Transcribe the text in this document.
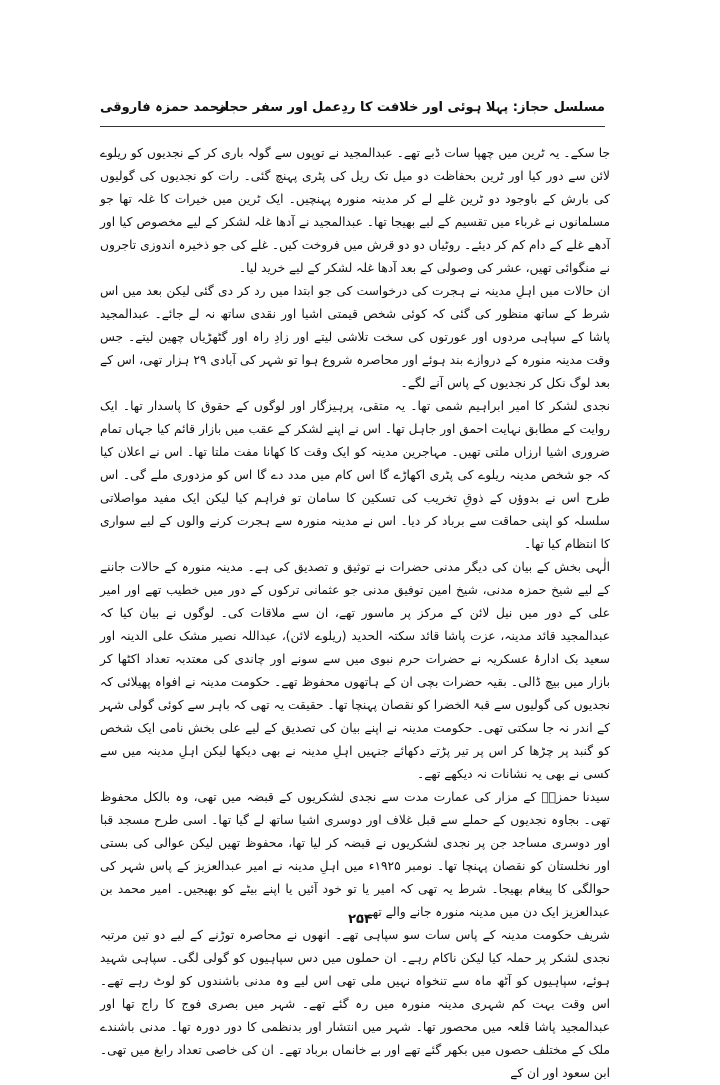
محمد حمزہ فاروقی
مسلسل حجاز: پہلا ہوئی اور خلافت کا ردِعمل اور سفر حجاز

جا سکے۔ یہ ٹرین میں چھپا سات ڈبے تھے۔ عبدالمجید نے توپوں سے گولہ باری کر کے نجدیوں کو ریلوے لائن سے دور کیا اور ٹرین بحفاظت دو میل تک ریل کی پٹری پہنچ گئی۔ رات کو نجدیوں کی گولیوں کی بارش کے باوجود دو ٹرین غلے لے کر مدینہ منورہ پہنچیں۔ ایک ٹرین میں خیرات کا غلہ تھا جو مسلمانوں نے غرباء میں تقسیم کے لیے بھیجا تھا۔ عبدالمجید نے آدھا غلہ لشکر کے لیے مخصوص کیا اور آدھے غلے کے دام کم کر دیئے۔ روٹیاں دو دو قرش میں فروخت کیں۔ غلے کی جو ذخیرہ اندوزی تاجروں نے منگوائی تھیں، عشر کی وصولی کے بعد آدھا غلہ لشکر کے لیے خرید لیا۔

ان حالات میں اہلِ مدینہ نے ہجرت کی درخواست کی جو ابتدا میں رد کر دی گئی لیکن بعد میں اس شرط کے ساتھ منظور کی گئی کہ کوئی شخص قیمتی اشیا اور نقدی ساتھ نہ لے جائے۔ عبدالمجید پاشا کے سپاہی مردوں اور عورتوں کی سخت تلاشی لیتے اور زادِ راہ اور گٹھڑیاں چھین لیتے۔ جس وقت مدینہ منورہ کے دروازے بند ہوئے اور محاصرہ شروع ہوا تو شہر کی آبادی ۲۹ ہزار تھی، اس کے بعد لوگ نکل کر نجدیوں کے پاس آنے لگے۔

نجدی لشکر کا امیر ابراہیم شمی تھا۔ یہ متقی، پرہیزگار اور لوگوں کے حقوق کا پاسدار تھا۔ ایک روایت کے مطابق نہایت احمق اور جاہل تھا۔ اس نے اپنے لشکر کے عقب میں بازار قائم کیا جہاں تمام ضروری اشیا ارزاں ملتی تھیں۔ مہاجرین مدینہ کو ایک وقت کا کھانا مفت ملتا تھا۔ اس نے اعلان کیا کہ جو شخص مدینہ ریلوے کی پٹری اکھاڑے گا اس کام میں مدد دے گا اس کو مزدوری ملے گی۔ اس طرح اس نے بدوؤں کے ذوقِ تخریب کی تسکین کا سامان تو فراہم کیا لیکن ایک مفید مواصلاتی سلسلہ کو اپنی حماقت سے برباد کر دیا۔ اس نے مدینہ منورہ سے ہجرت کرنے والوں کے لیے سواری کا انتظام کیا تھا۔

الٰہی بخش کے بیان کی دیگر مدنی حضرات نے توثیق و تصدیق کی ہے۔ مدینہ منورہ کے حالات جاننے کے لیے شیخ حمزہ مدنی، شیخ امین توفیق مدنی جو عثمانی ترکوں کے دور میں خطیب تھے اور امیر علی کے دور میں نیل لائن کے مرکز پر ماسور تھے، ان سے ملاقات کی۔ لوگوں نے بیان کیا کہ عبدالمجید قائد مدینہ، عزت پاشا قائد سکتہ الحدید (ریلوے لائن)، عبداللہ نصیر مشک علی الدینہ اور سعید بک ادارۂ عسکریہ نے حضرات حرم نبوی میں سے سونے اور چاندی کی معتدبہ تعداد اکٹھا کر بازار میں بیچ ڈالی۔ بقیہ حضرات بچی ان کے ہاتھوں محفوظ تھے۔ حکومت مدینہ نے افواہ پھیلائی کہ نجدیوں کی گولیوں سے قبۃ الخضرا کو نقصان پہنچا تھا۔ حقیقت یہ تھی کہ باہر سے کوئی گولی شہر کے اندر نہ جا سکتی تھی۔ حکومت مدینہ نے اپنے بیان کی تصدیق کے لیے علی بخش نامی ایک شخص کو گنبد پر چڑھا کر اس پر تیر پڑتے دکھائے جنہیں اہلِ مدینہ نے بھی دیکھا لیکن اہلِ مدینہ میں سے کسی نے بھی یہ نشانات نہ دیکھے تھے۔

سیدنا حمزہؓ کے مزار کی عمارت مدت سے نجدی لشکریوں کے قبضہ میں تھی، وہ بالکل محفوظ تھی۔ بجاوہ نجدیوں کے حملے سے قبل غلاف اور دوسری اشیا ساتھ لے گیا تھا۔ اسی طرح مسجد قبا اور دوسری مساجد جن پر نجدی لشکریوں نے قبضہ کر لیا تھا، محفوظ تھیں لیکن عوالی کی بستی اور نخلستان کو نقصان پہنچا تھا۔ نومبر ۱۹۲۵ء میں اہلِ مدینہ نے امیر عبدالعزیز کے پاس شہر کی حوالگی کا پیغام بھیجا۔ شرط یہ تھی کہ امیر یا تو خود آئیں یا اپنے بیٹے کو بھیجیں۔ امیر محمد بن عبدالعزیز ایک دن میں مدینہ منورہ جانے والے تھے۔

شریف حکومت مدینہ کے پاس سات سو سپاہی تھے۔ انھوں نے محاصرہ توڑنے کے لیے دو تین مرتبہ نجدی لشکر پر حملہ کیا لیکن ناکام رہے۔ ان حملوں میں دس سپاہیوں کو گولی لگی۔ سپاہی شہید ہوئے، سپاہیوں کو آٹھ ماہ سے تنخواہ نہیں ملی تھی اس لیے وہ مدنی باشندوں کو لوٹ رہے تھے۔ اس وقت بہت کم شہری مدینہ منورہ میں رہ گئے تھے۔ شہر میں بصری فوج کا راج تھا اور عبدالمجید پاشا قلعہ میں محصور تھا۔ شہر میں انتشار اور بدنظمی کا دور دورہ تھا۔ مدنی باشندے ملک کے مختلف حصوں میں بکھر گئے تھے اور بے خانماں برباد تھے۔ ان کی خاصی تعداد رابغ میں تھی۔ ابن سعود اور ان کے

۲۵۴
